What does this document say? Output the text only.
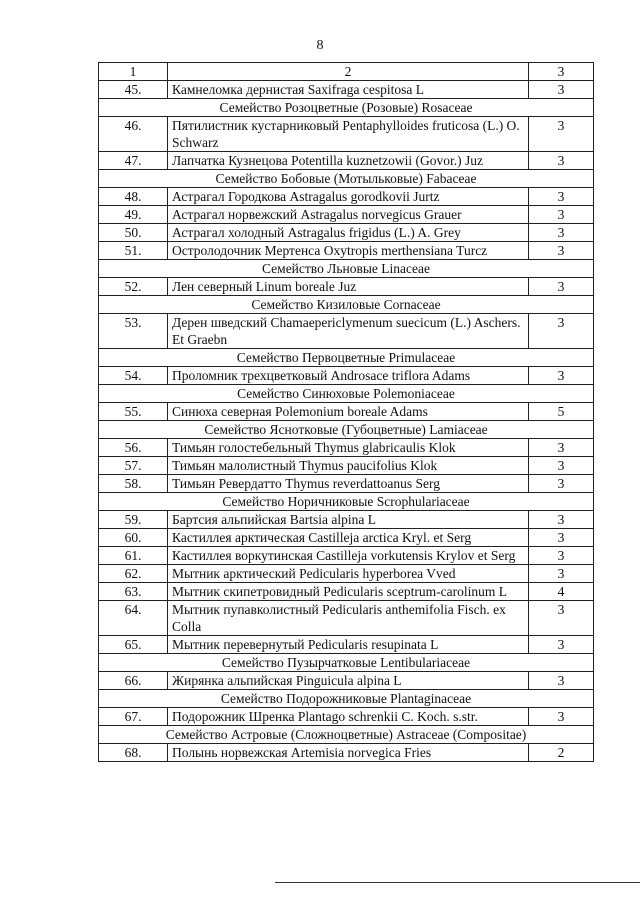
8
1	2	3
45.	Камнеломка дернистая Saxifraga cespitosa L	3
Семейство Розоцветные (Розовые) Rosaceae		
46.	Пятилистник кустарниковый Pentaphylloides fruticosa (L.) O. Schwarz	3
47.	Лапчатка Кузнецова Potentilla kuznetzowii (Govor.) Juz	3
Семейство Бобовые (Мотыльковые) Fabaceae		
48.	Астрагал Городкова Astragalus gorodkovii Jurtz	3
49.	Астрагал норвежский Astragalus norvegicus Grauer	3
50.	Астрагал холодный Astragalus frigidus (L.) A. Grey	3
51.	Остролодочник Мертенса Oxytropis merthensiana Turcz	3
Семейство Льновые Linaceae		
52.	Лен северный Linum boreale Juz	3
Семейство Кизиловые Cornaceae		
53.	Дерен шведский Chamaepericlymenum suecicum (L.) Aschers. Et Graebn	3
Семейство Первоцветные Primulaceae		
54.	Проломник трехцветковый Androsace triflora Adams	3
Семейство Синюховые Polemoniaceae		
55.	Синюха северная Polemonium boreale Adams	5
Семейство Яснотковые (Губоцветные) Lamiaceae		
56.	Тимьян голостебельный Thymus glabricaulis Klok	3
57.	Тимьян малолистный Thymus paucifolius Klok	3
58.	Тимьян Ревердатто Thymus reverdattoanus Serg	3
Семейство Норичниковые Scrophulariaceae		
59.	Бартсия альпийская Bartsia alpina L	3
60.	Кастиллея арктическая Castilleja arctica Kryl. et Serg	3
61.	Кастиллея воркутинская Castilleja vorkutensis Krylov et Serg	3
62.	Мытник арктический Pedicularis hyperborea Vved	3
63.	Мытник скипетровидный Pedicularis sceptrum-carolinum L	4
64.	Мытник пупавколистный Pedicularis anthemifolia Fisch. ex Colla	3
65.	Мытник перевернутый Pedicularis resupinata L	3
Семейство Пузырчатковые Lentibulariaceae		
66.	Жирянка альпийская Pinguicula alpina L	3
Семейство Подорожниковые Plantaginaceae		
67.	Подорожник Шренка Plantago schrenkii C. Koch. s.str.	3
Семейство Астровые (Сложноцветные) Astraceae (Compositae)		
68.	Полынь норвежская Artemisia norvegica Fries	2
